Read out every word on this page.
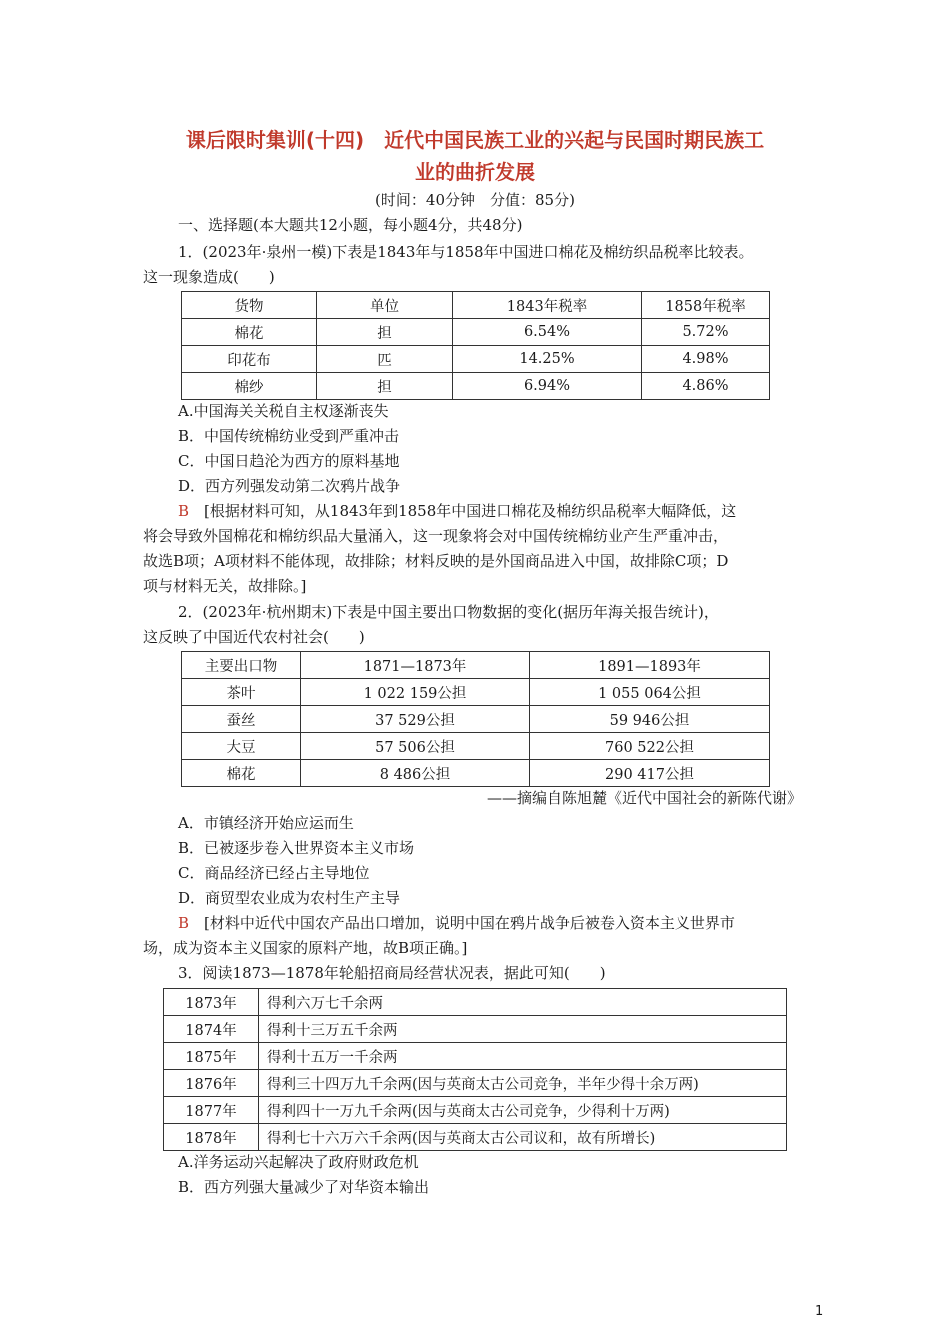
课后限时集训(十四)　近代中国民族工业的兴起与民国时期民族工
业的曲折发展
(时间：40分钟　分值：85分)
一、选择题(本大题共12小题，每小题4分，共48分)
1．(2023年·泉州一模)下表是1843年与1858年中国进口棉花及棉纺织品税率比较表。
这一现象造成(　　)
货物	单位	1843年税率	1858年税率
棉花	担	6.54%	5.72%
印花布	匹	14.25%	4.98%
棉纱	担	6.94%	4.86%
A.中国海关关税自主权逐渐丧失
B．中国传统棉纺业受到严重冲击
C．中国日趋沦为西方的原料基地
D．西方列强发动第二次鸦片战争
B　 [根据材料可知，从1843年到1858年中国进口棉花及棉纺织品税率大幅降低，这
将会导致外国棉花和棉纺织品大量涌入，这一现象将会对中国传统棉纺业产生严重冲击，
故选B项；A项材料不能体现，故排除；材料反映的是外国商品进入中国，故排除C项；D
项与材料无关，故排除。]
2．(2023年·杭州期末)下表是中国主要出口物数据的变化(据历年海关报告统计)，
这反映了中国近代农村社会(　　)
主要出口物	1871—1873年	1891—1893年
茶叶	1 022 159公担	1 055 064公担
蚕丝	37 529公担	59 946公担
大豆	57 506公担	760 522公担
棉花	8 486公担	290 417公担
——摘编自陈旭麓《近代中国社会的新陈代谢》
A．市镇经济开始应运而生
B．已被逐步卷入世界资本主义市场
C．商品经济已经占主导地位
D．商贸型农业成为农村生产主导
B　 [材料中近代中国农产品出口增加，说明中国在鸦片战争后被卷入资本主义世界市
场，成为资本主义国家的原料产地，故B项正确。]
3．阅读1873—1878年轮船招商局经营状况表，据此可知(　　)
1873年	得利六万七千余两
1874年	得利十三万五千余两
1875年	得利十五万一千余两
1876年	得利三十四万九千余两(因与英商太古公司竞争，半年少得十余万两)
1877年	得利四十一万九千余两(因与英商太古公司竞争，少得利十万两)
1878年	得利七十六万六千余两(因与英商太古公司议和，故有所增长)
A.洋务运动兴起解决了政府财政危机
B．西方列强大量减少了对华资本输出
1
